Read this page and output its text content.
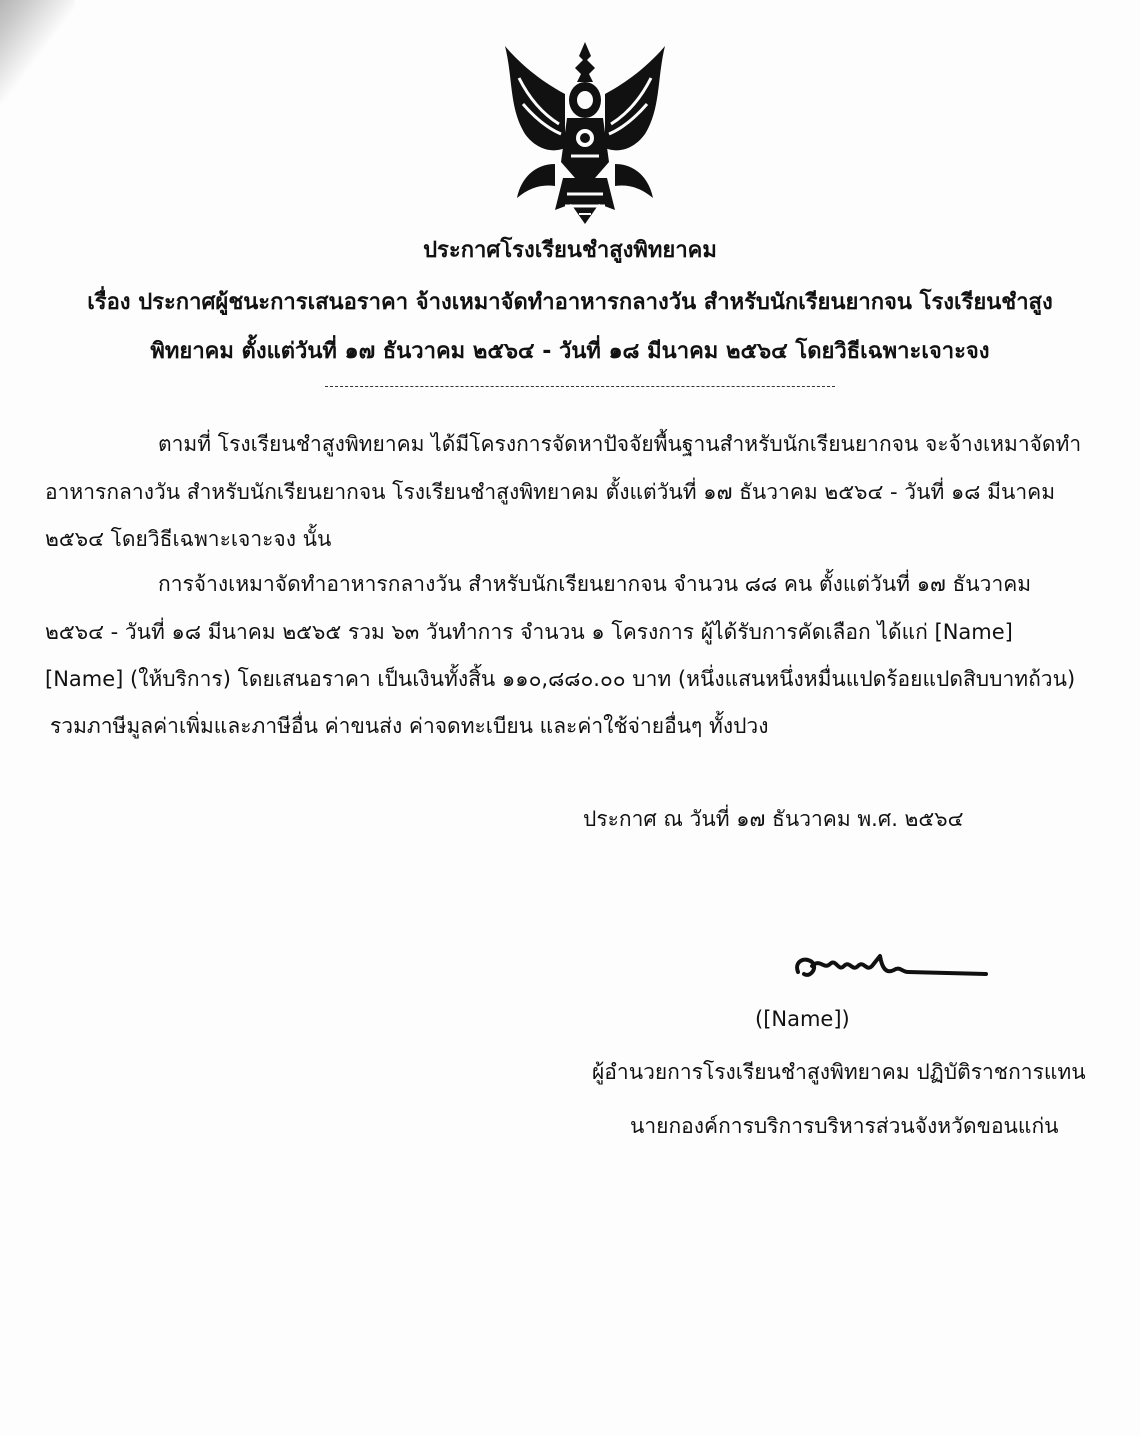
ประกาศโรงเรียนชำสูงพิทยาคม
เรื่อง ประกาศผู้ชนะการเสนอราคา จ้างเหมาจัดทำอาหารกลางวัน สำหรับนักเรียนยากจน โรงเรียนชำสูง
พิทยาคม ตั้งแต่วันที่ ๑๗ ธันวาคม ๒๕๖๔ - วันที่ ๑๘ มีนาคม ๒๕๖๔ โดยวิธีเฉพาะเจาะจง
ตามที่ โรงเรียนชำสูงพิทยาคม ได้มีโครงการจัดหาปัจจัยพื้นฐานสำหรับนักเรียนยากจน จะจ้างเหมาจัดทำ
อาหารกลางวัน สำหรับนักเรียนยากจน โรงเรียนชำสูงพิทยาคม ตั้งแต่วันที่ ๑๗ ธันวาคม ๒๕๖๔ - วันที่ ๑๘ มีนาคม
๒๕๖๔ โดยวิธีเฉพาะเจาะจง นั้น
การจ้างเหมาจัดทำอาหารกลางวัน สำหรับนักเรียนยากจน จำนวน ๘๘ คน ตั้งแต่วันที่ ๑๗ ธันวาคม
๒๕๖๔ - วันที่ ๑๘ มีนาคม ๒๕๖๕ รวม ๖๓ วันทำการ จำนวน ๑ โครงการ ผู้ได้รับการคัดเลือก ได้แก่ [Name]
[Name] (ให้บริการ) โดยเสนอราคา เป็นเงินทั้งสิ้น ๑๑๐,๘๘๐.๐๐ บาท (หนึ่งแสนหนึ่งหมื่นแปดร้อยแปดสิบบาทถ้วน)
รวมภาษีมูลค่าเพิ่มและภาษีอื่น ค่าขนส่ง ค่าจดทะเบียน และค่าใช้จ่ายอื่นๆ ทั้งปวง
ประกาศ ณ วันที่ ๑๗ ธันวาคม พ.ศ. ๒๕๖๔
([Name])
ผู้อำนวยการโรงเรียนชำสูงพิทยาคม ปฏิบัติราชการแทน
นายกองค์การบริการบริหารส่วนจังหวัดขอนแก่น
